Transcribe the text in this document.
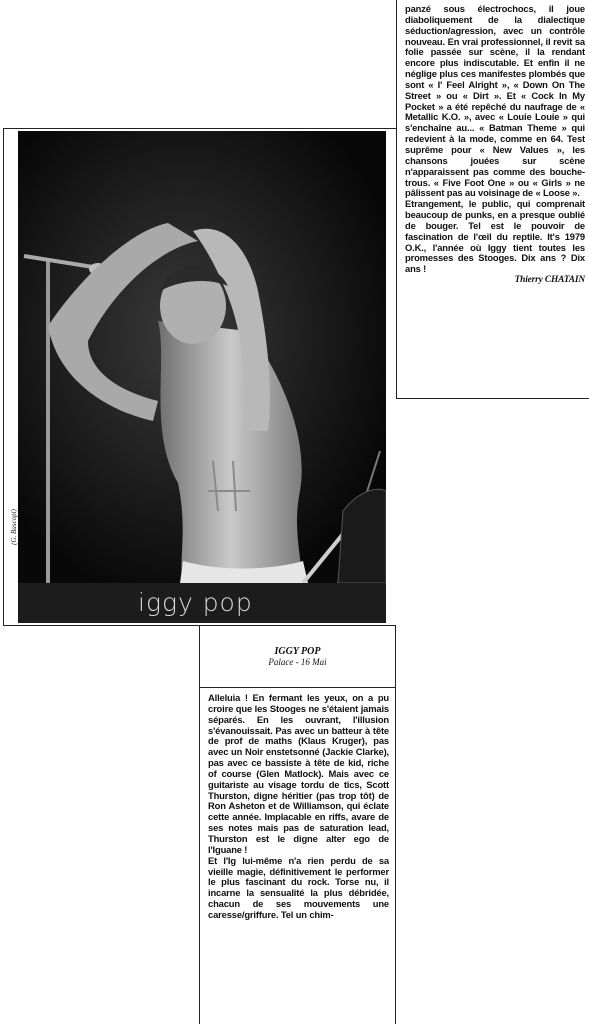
panzé sous électrochocs, il joue diaboliquement de la dialectique séduction/agression, avec un contrôle nouveau. En vrai professionnel, il revit sa folie passée sur scène, il la rendant encore plus indiscutable. Et enfin il ne néglige plus ces manifestes plombés que sont « I' Feel Alright », « Down On The Street » ou « Dirt ». Et « Cock In My Pocket » a été repêché du naufrage de « Metallic K.O. », avec « Louie Louie » qui s'enchaîne au... « Batman Theme » qui redevient à la mode, comme en 64. Test suprême pour « New Values », les chansons jouées sur scène n'apparaissent pas comme des bouche-trous. « Five Foot One » ou « Girls » ne pâlissent pas au voisinage de « Loose ».

Etrangement, le public, qui comprenait beaucoup de punks, en a presque oublié de bouger. Tel est le pouvoir de fascination de l'œil du reptile. It's 1979 O.K., l'année où Iggy tient toutes les promesses des Stooges. Dix ans ? Dix ans !

Thierry CHATAIN

(G. Bascopi)
iggy pop
IGGY POP
Palace - 16 Mai

Alleluia ! En fermant les yeux, on a pu croire que les Stooges ne s'étaient jamais séparés. En les ouvrant, l'illusion s'évanouissait. Pas avec un batteur à tête de prof de maths (Klaus Kruger), pas avec un Noir enstetsonné (Jackie Clarke), pas avec ce bassiste à tête de kid, riche of course (Glen Matlock). Mais avec ce guitariste au visage tordu de tics, Scott Thurston, digne héritier (pas trop tôt) de Ron Asheton et de Williamson, qui éclate cette année. Implacable en riffs, avare de ses notes mais pas de saturation lead, Thurston est le digne alter ego de l'Iguane !

Et l'Ig lui-même n'a rien perdu de sa vieille magie, définitivement le performer le plus fascinant du rock. Torse nu, il incarne la sensualité la plus débridée, chacun de ses mouvements une caresse/griffure. Tel un chim-
